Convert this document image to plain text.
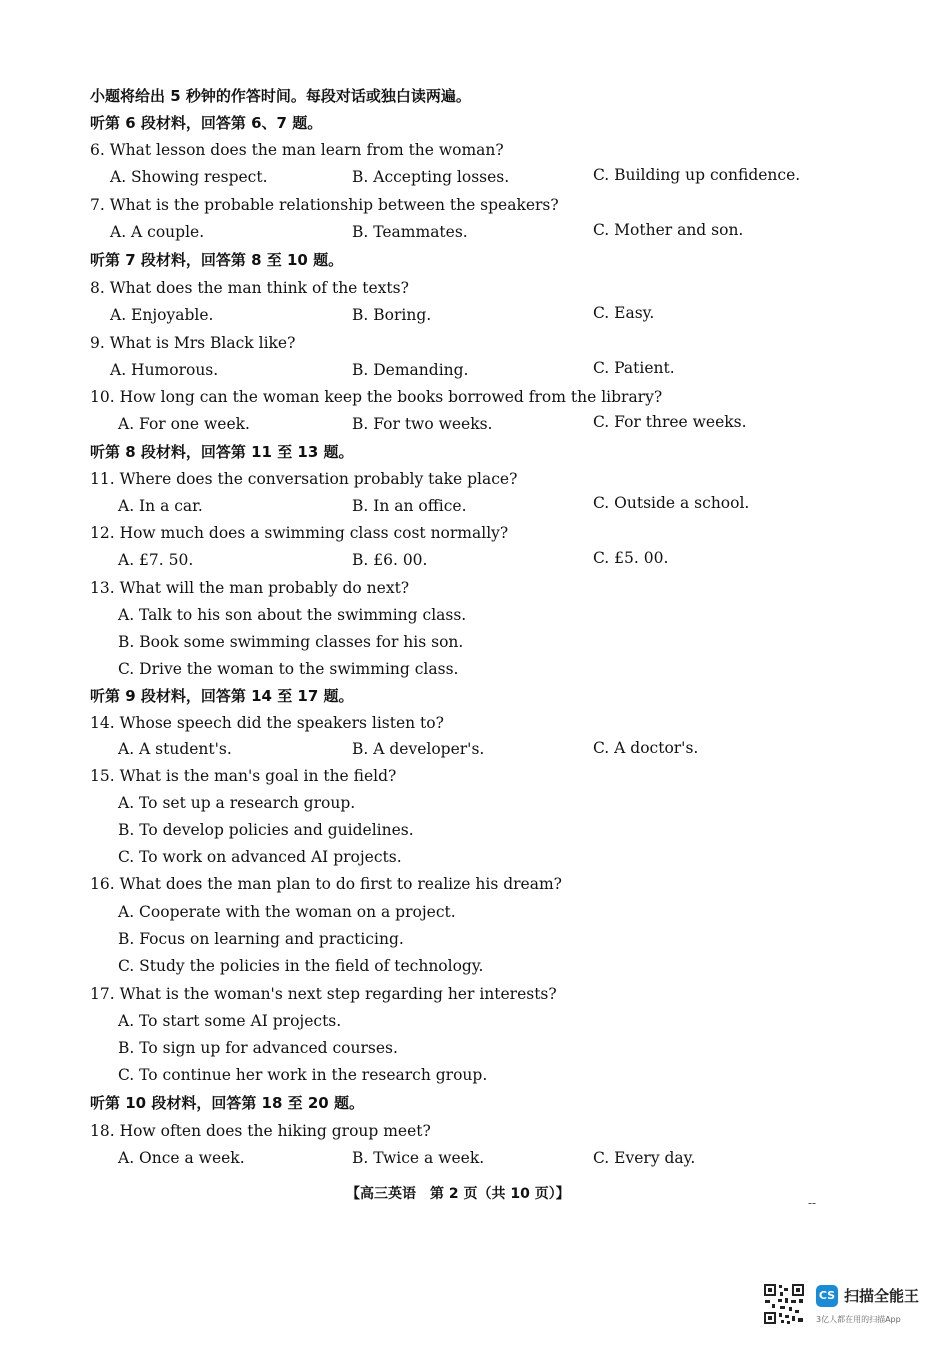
小题将给出 5 秒钟的作答时间。每段对话或独白读两遍。
听第 6 段材料，回答第 6、7 题。
6. What lesson does the man learn from the woman?
A. Showing respect.	B. Accepting losses.	C. Building up confidence.
7. What is the probable relationship between the speakers?
A. A couple.	B. Teammates.	C. Mother and son.
听第 7 段材料，回答第 8 至 10 题。
8. What does the man think of the texts?
A. Enjoyable.	B. Boring.	C. Easy.
9. What is Mrs Black like?
A. Humorous.	B. Demanding.	C. Patient.
10. How long can the woman keep the books borrowed from the library?
A. For one week.	B. For two weeks.	C. For three weeks.
听第 8 段材料，回答第 11 至 13 题。
11. Where does the conversation probably take place?
A. In a car.	B. In an office.	C. Outside a school.
12. How much does a swimming class cost normally?
A. £7. 50.	B. £6. 00.	C. £5. 00.
13. What will the man probably do next?
A. Talk to his son about the swimming class.
B. Book some swimming classes for his son.
C. Drive the woman to the swimming class.
听第 9 段材料，回答第 14 至 17 题。
14. Whose speech did the speakers listen to?
A. A student's.	B. A developer's.	C. A doctor's.
15. What is the man's goal in the field?
A. To set up a research group.
B. To develop policies and guidelines.
C. To work on advanced AI projects.
16. What does the man plan to do first to realize his dream?
A. Cooperate with the woman on a project.
B. Focus on learning and practicing.
C. Study the policies in the field of technology.
17. What is the woman's next step regarding her interests?
A. To start some AI projects.
B. To sign up for advanced courses.
C. To continue her work in the research group.
听第 10 段材料，回答第 18 至 20 题。
18. How often does the hiking group meet?
A. Once a week.	B. Twice a week.	C. Every day.
【高三英语　第 2 页（共 10 页）】
--
CS 扫描全能王
3亿人都在用的扫描App
